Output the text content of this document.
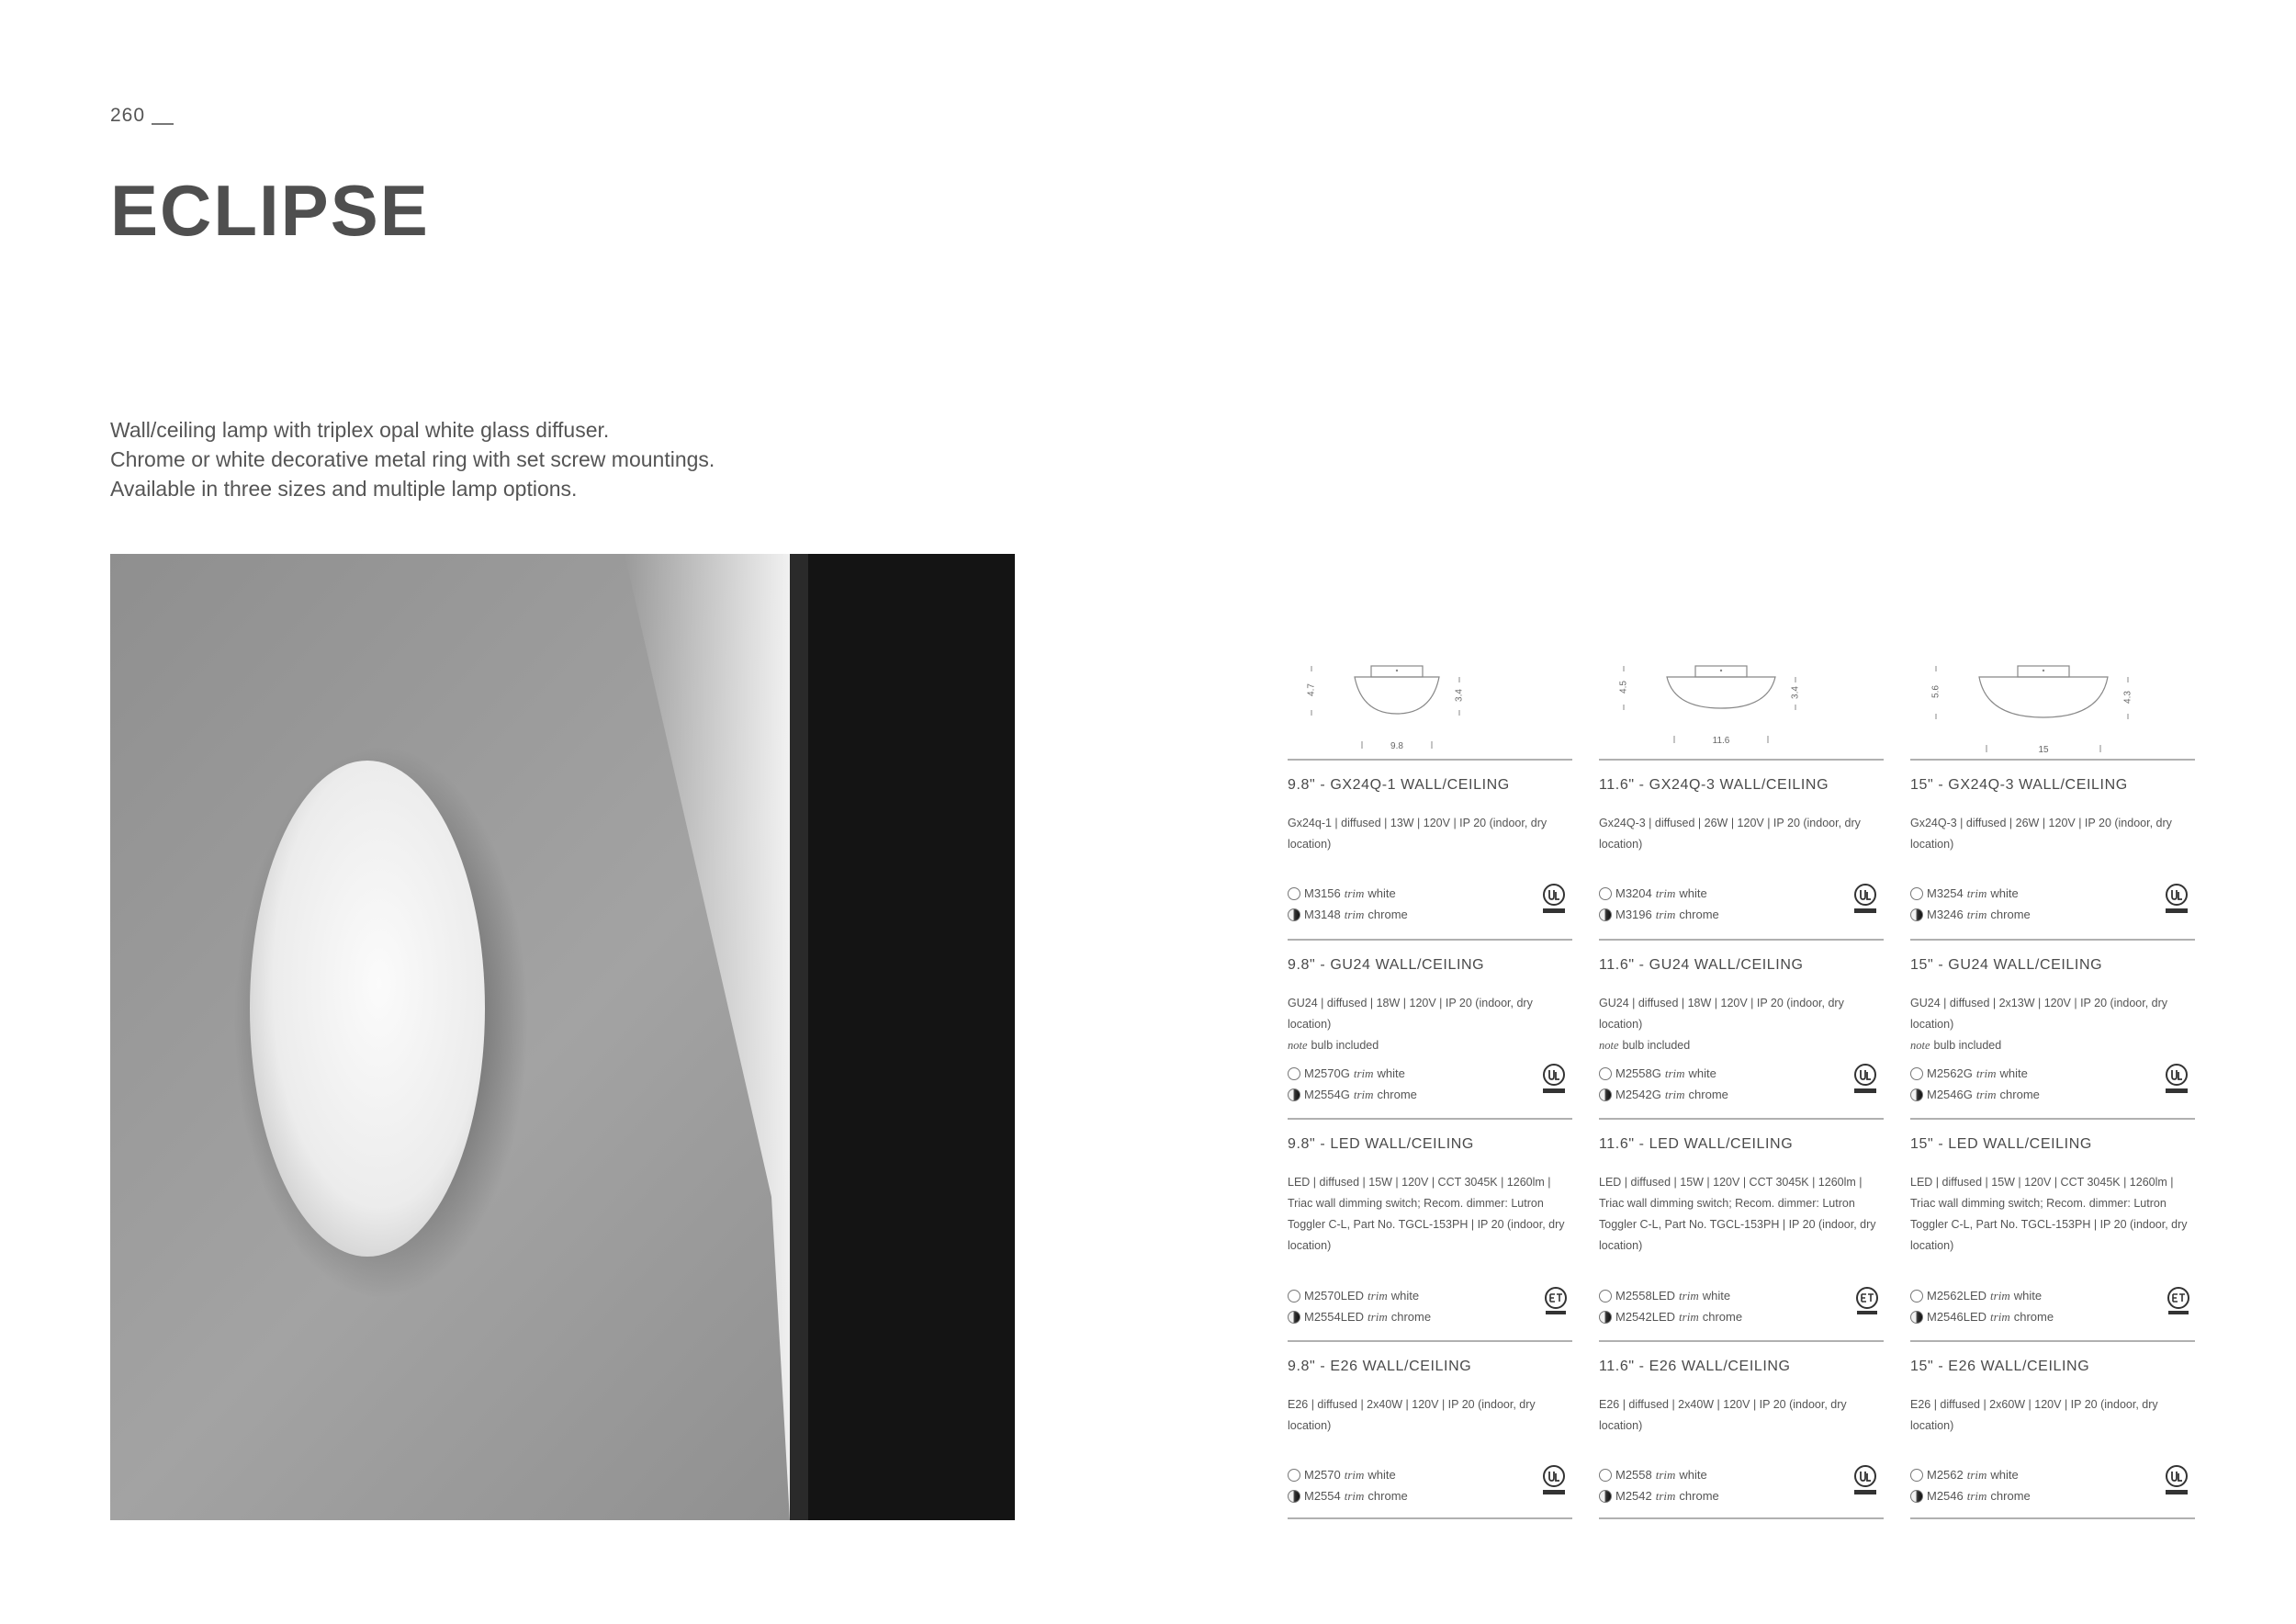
260
ECLIPSE
Wall/ceiling lamp with triplex opal white glass diffuser.
Chrome or white decorative metal ring with set screw mountings.
Available in three sizes and multiple lamp options.
4.7	3.4
9.8
4.5	3.4
11.6
5.6	4.3
15
9.8" - GX24Q-1 WALL/CEILING
Gx24q-1 | diffused | 13W | 120V | IP 20 (indoor, dry location)
M3156 trim white
M3148 trim chrome
9.8" - GU24 WALL/CEILING
GU24 | diffused | 18W | 120V | IP 20 (indoor, dry location)
note bulb included
M2570G trim white
M2554G trim chrome
9.8" - LED WALL/CEILING
LED | diffused | 15W | 120V | CCT 3045K | 1260lm | Triac wall dimming switch; Recom. dimmer: Lutron Toggler C-L, Part No. TGCL-153PH | IP 20 (indoor, dry location)
M2570LED trim white
M2554LED trim chrome
9.8" - E26 WALL/CEILING
E26 | diffused | 2x40W | 120V | IP 20 (indoor, dry location)
M2570 trim white
M2554 trim chrome
11.6" - GX24Q-3 WALL/CEILING
Gx24Q-3 | diffused | 26W | 120V | IP 20 (indoor, dry location)
M3204 trim white
M3196 trim chrome
11.6" - GU24 WALL/CEILING
GU24 | diffused | 18W | 120V | IP 20 (indoor, dry location)
note bulb included
M2558G trim white
M2542G trim chrome
11.6" - LED WALL/CEILING
LED | diffused | 15W | 120V | CCT 3045K | 1260lm | Triac wall dimming switch; Recom. dimmer: Lutron Toggler C-L, Part No. TGCL-153PH | IP 20 (indoor, dry location)
M2558LED trim white
M2542LED trim chrome
11.6" - E26 WALL/CEILING
E26 | diffused | 2x40W | 120V | IP 20 (indoor, dry location)
M2558 trim white
M2542 trim chrome
15" - GX24Q-3 WALL/CEILING
Gx24Q-3 | diffused | 26W | 120V | IP 20 (indoor, dry location)
M3254 trim white
M3246 trim chrome
15" - GU24 WALL/CEILING
GU24 | diffused | 2x13W | 120V | IP 20 (indoor, dry location)
note bulb included
M2562G trim white
M2546G trim chrome
15" - LED WALL/CEILING
LED | diffused | 15W | 120V | CCT 3045K | 1260lm | Triac wall dimming switch; Recom. dimmer: Lutron Toggler C-L, Part No. TGCL-153PH | IP 20 (indoor, dry location)
M2562LED trim white
M2546LED trim chrome
15" - E26 WALL/CEILING
E26 | diffused | 2x60W | 120V | IP 20 (indoor, dry location)
M2562 trim white
M2546 trim chrome
